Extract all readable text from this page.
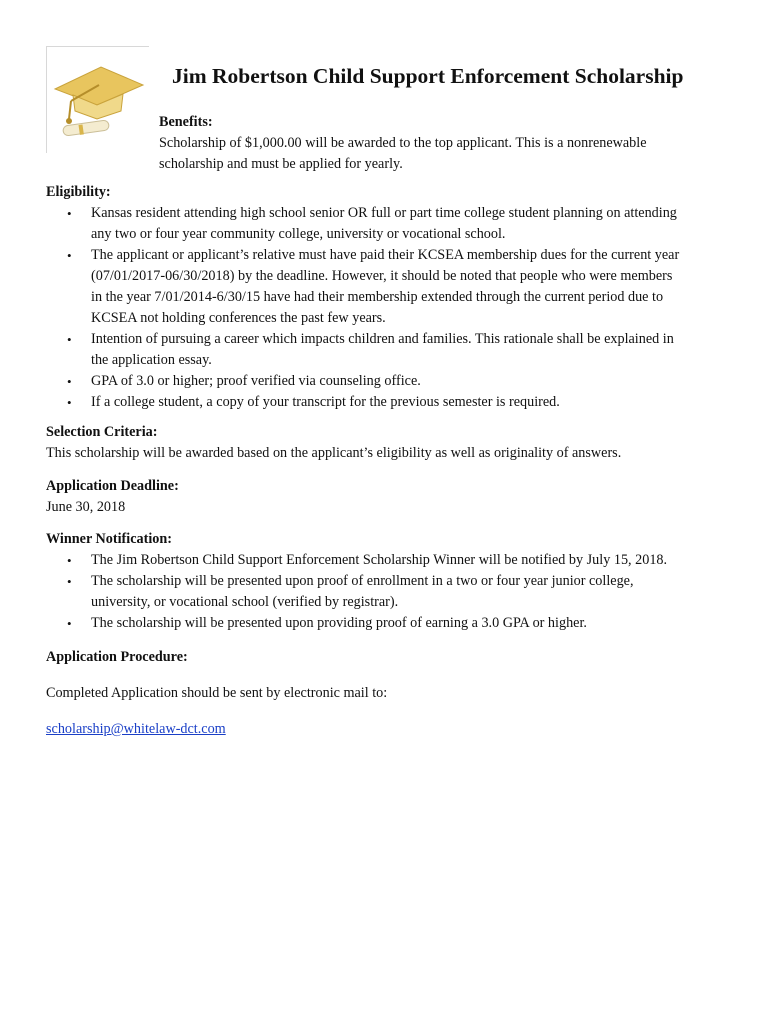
Jim Robertson Child Support Enforcement Scholarship
Benefits:
Scholarship of $1,000.00 will be awarded to the top applicant. This is a nonrenewable
scholarship and must be applied for yearly.
Eligibility:
• Kansas resident attending high school senior OR full or part time college student planning on attending
any two or four year community college, university or vocational school.
• The applicant or applicant’s relative must have paid their KCSEA membership dues for the current year
(07/01/2017-06/30/2018) by the deadline. However, it should be noted that people who were members
in the year 7/01/2014-6/30/15 have had their membership extended through the current period due to
KCSEA not holding conferences the past few years.
• Intention of pursuing a career which impacts children and families. This rationale shall be explained in
the application essay.
• GPA of 3.0 or higher; proof verified via counseling office.
• If a college student, a copy of your transcript for the previous semester is required.
Selection Criteria:
This scholarship will be awarded based on the applicant’s eligibility as well as originality of answers.
Application Deadline:
June 30, 2018
Winner Notification:
• The Jim Robertson Child Support Enforcement Scholarship Winner will be notified by July 15, 2018.
• The scholarship will be presented upon proof of enrollment in a two or four year junior college,
university, or vocational school (verified by registrar).
• The scholarship will be presented upon providing proof of earning a 3.0 GPA or higher.
Application Procedure:
Completed Application should be sent by electronic mail to:
scholarship@whitelaw-dct.com
